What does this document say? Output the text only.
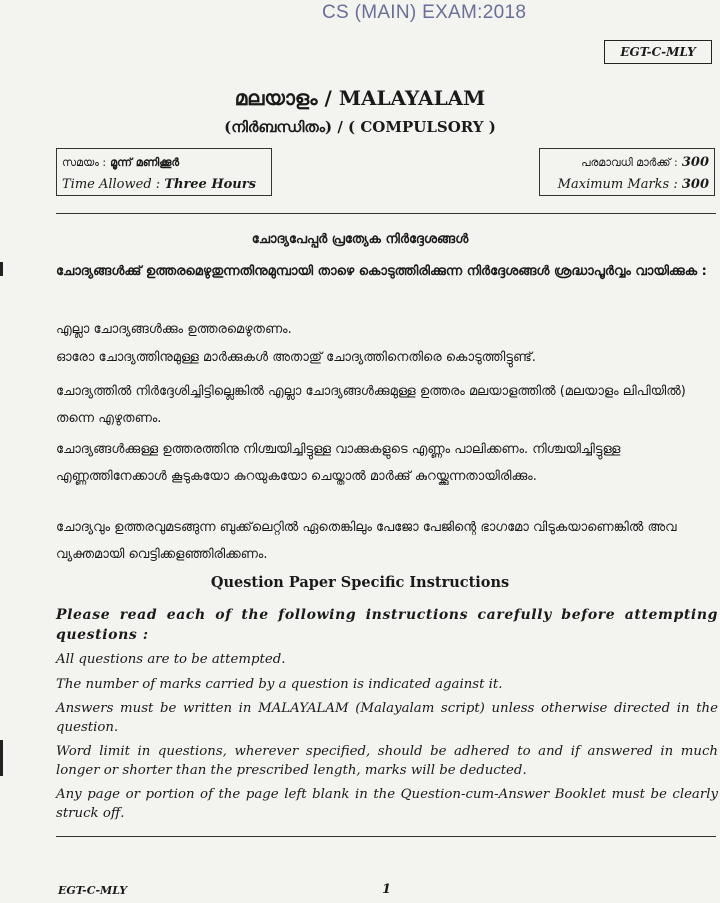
CS (MAIN) EXAM:2018
EGT-C-MLY
മലയാളം / MALAYALAM
(നിർബന്ധിതം) / ( COMPULSORY )
സമയം : മൂന്ന് മണിക്കൂർ
Time Allowed : Three Hours
പരമാവധി മാർക്ക് : 300
Maximum Marks : 300
ചോദ്യപേപ്പർ പ്രത്യേക നിർദ്ദേശങ്ങൾ
ചോദ്യങ്ങൾക്കു് ഉത്തരമെഴുതുന്നതിനുമുമ്പായി താഴെ കൊടുത്തിരിക്കുന്ന നിർദ്ദേശങ്ങൾ ശ്രദ്ധാപൂർവ്വം വായിക്കുക :
എല്ലാ ചോദ്യങ്ങൾക്കും ഉത്തരമെഴുതണം.
ഓരോ ചോദ്യത്തിനുമുള്ള മാർക്കുകൾ അതാതു് ചോദ്യത്തിനെതിരെ കൊടുത്തിട്ടുണ്ട്.
ചോദ്യത്തിൽ നിർദ്ദേശിച്ചിട്ടില്ലെങ്കിൽ എല്ലാ ചോദ്യങ്ങൾക്കുമുള്ള ഉത്തരം മലയാളത്തിൽ (മലയാളം ലിപിയിൽ) തന്നെ എഴുതണം.
ചോദ്യങ്ങൾക്കുള്ള ഉത്തരത്തിനു നിശ്ചയിച്ചിട്ടുള്ള വാക്കുകളുടെ എണ്ണം പാലിക്കണം. നിശ്ചയിച്ചിട്ടുള്ള എണ്ണത്തിനേക്കാൾ കൂടുകയോ കുറയുകയോ ചെയ്താൽ മാർക്കു് കുറയ്ക്കുന്നതായിരിക്കും.
ചോദ്യവും ഉത്തരവുമടങ്ങുന്ന ബുക്ക്‌ലെറ്റിൽ ഏതെങ്കിലും പേജോ പേജിന്റെ ഭാഗമോ വിടുകയാണെങ്കിൽ അവ വ്യക്തമായി വെട്ടിക്കളഞ്ഞിരിക്കണം.
Question Paper Specific Instructions
Please read each of the following instructions carefully before attempting questions :
All questions are to be attempted.
The number of marks carried by a question is indicated against it.
Answers must be written in MALAYALAM (Malayalam script) unless otherwise directed in the question.
Word limit in questions, wherever specified, should be adhered to and if answered in much longer or shorter than the prescribed length, marks will be deducted.
Any page or portion of the page left blank in the Question-cum-Answer Booklet must be clearly struck off.
EGT-C-MLY	1
